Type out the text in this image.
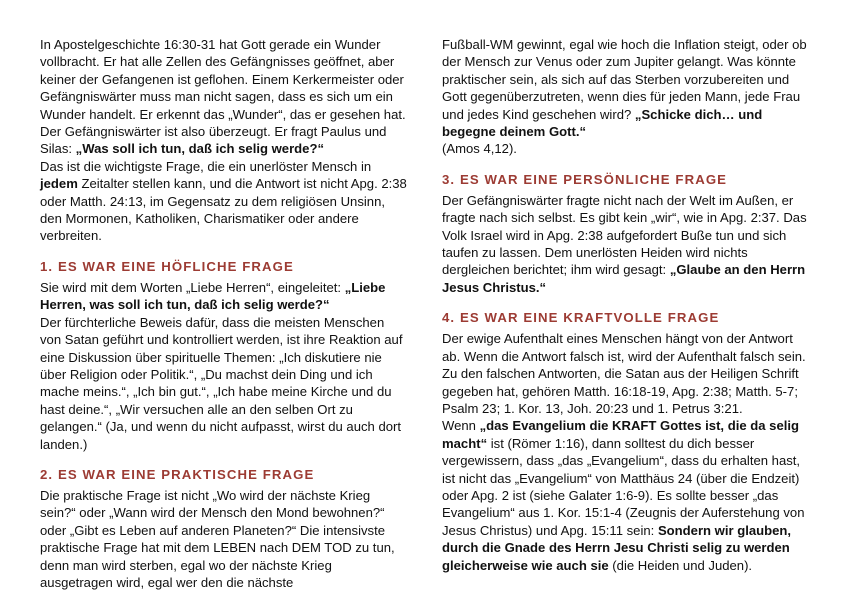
In Apostelgeschichte 16:30-31 hat Gott gerade ein Wunder vollbracht. Er hat alle Zellen des Gefängnisses geöffnet, aber keiner der Gefangenen ist geflohen. Einem Kerkermeister oder Gefängniswärter muss man nicht sagen, dass es sich um ein Wunder handelt. Er erkennt das „Wunder“, das er gesehen hat. Der Gefängniswärter ist also überzeugt. Er fragt Paulus und Silas: „Was soll ich tun, daß ich selig werde?“

Das ist die wichtigste Frage, die ein unerlöster Mensch in jedem Zeitalter stellen kann, und die Antwort ist nicht Apg. 2:38 oder Matth. 24:13, im Gegensatz zu dem religiösen Unsinn, den Mormonen, Katholiken, Charismatiker oder andere verbreiten.

1. ES WAR EINE HÖFLICHE FRAGE

Sie wird mit dem Worten „Liebe Herren“, eingeleitet: „Liebe Herren, was soll ich tun, daß ich selig werde?“

Der fürchterliche Beweis dafür, dass die meisten Menschen von Satan geführt und kontrolliert werden, ist ihre Reaktion auf eine Diskussion über spirituelle Themen: „Ich diskutiere nie über Religion oder Politik.“, „Du machst dein Ding und ich mache meins.“, „Ich bin gut.“, „Ich habe meine Kirche und du hast deine.“, „Wir versuchen alle an den selben Ort zu gelangen.“ (Ja, und wenn du nicht aufpasst, wirst du auch dort landen.)

2. ES WAR EINE PRAKTISCHE FRAGE

Die praktische Frage ist nicht „Wo wird der nächste Krieg sein?“ oder „Wann wird der Mensch den Mond bewohnen?“ oder „Gibt es Leben auf anderen Planeten?“ Die intensivste praktische Frage hat mit dem LEBEN nach DEM TOD zu tun, denn man wird sterben, egal wo der nächste Krieg ausgetragen wird, egal wer den die nächste

Fußball-WM gewinnt, egal wie hoch die Inflation steigt, oder ob der Mensch zur Venus oder zum Jupiter gelangt. Was könnte praktischer sein, als sich auf das Sterben vorzubereiten und Gott gegenüberzutreten, wenn dies für jeden Mann, jede Frau und jedes Kind geschehen wird? „Schicke dich… und begegne deinem Gott.“

(Amos 4,12).

3. ES WAR EINE PERSÖNLICHE FRAGE

Der Gefängniswärter fragte nicht nach der Welt im Außen, er fragte nach sich selbst. Es gibt kein „wir“, wie in Apg. 2:37. Das Volk Israel wird in Apg. 2:38 aufgefordert Buße tun und sich taufen zu lassen. Dem unerlösten Heiden wird nichts dergleichen berichtet; ihm wird gesagt: „Glaube an den Herrn Jesus Christus.“

4. ES WAR EINE KRAFTVOLLE FRAGE

Der ewige Aufenthalt eines Menschen hängt von der Antwort ab. Wenn die Antwort falsch ist, wird der Aufenthalt falsch sein. Zu den falschen Antworten, die Satan aus der Heiligen Schrift gegeben hat, gehören Matth. 16:18-19, Apg. 2:38; Matth. 5-7; Psalm 23; 1. Kor. 13, Joh. 20:23 und 1. Petrus 3:21.

Wenn „das Evangelium die KRAFT Gottes ist, die da selig macht“ ist (Römer 1:16), dann solltest du dich besser vergewissern, dass „das „Evangelium“, dass du erhalten hast, ist nicht das „Evangelium“ von Matthäus 24 (über die Endzeit) oder Apg. 2 ist (siehe Galater 1:6-9). Es sollte besser „das Evangelium“ aus 1. Kor. 15:1-4 (Zeugnis der Auferstehung von Jesus Christus) und Apg. 15:11 sein: Sondern wir glauben, durch die Gnade des Herrn Jesu Christi selig zu werden gleicherweise wie auch sie (die Heiden und Juden).
